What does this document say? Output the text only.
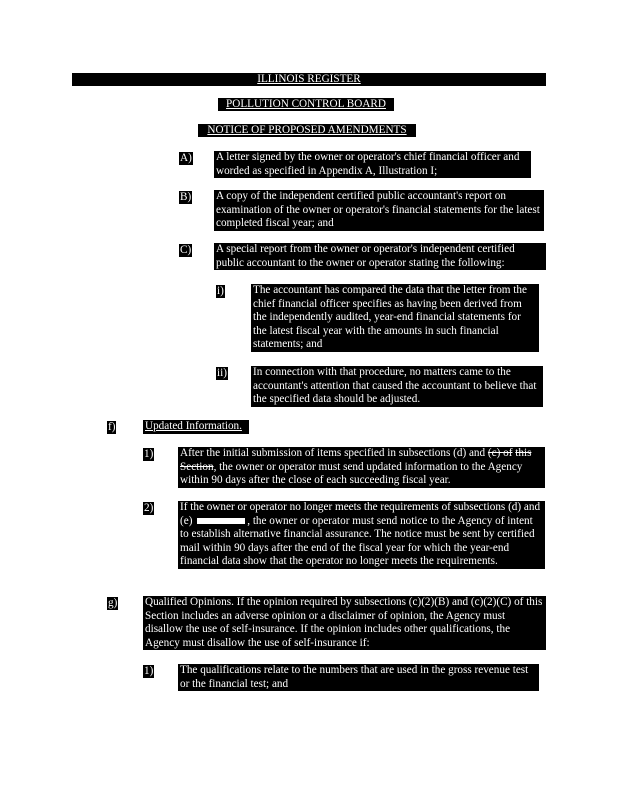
ILLINOIS REGISTER
POLLUTION CONTROL BOARD
NOTICE OF PROPOSED AMENDMENTS
A) A letter signed by the owner or operator's chief financial officer and worded as specified in Appendix A, Illustration I;

B) A copy of the independent certified public accountant's report on examination of the owner or operator's financial statements for the latest completed fiscal year; and

C) A special report from the owner or operator's independent certified public accountant to the owner or operator stating the following:

i)	The accountant has compared the data that the letter from the chief financial officer specifies as having been derived from the independently audited, year-end financial statements for the latest fiscal year with the amounts in such financial statements; and

ii) In connection with that procedure, no matters came to the accountant's attention that caused the accountant to believe that the specified data should be adjusted.

f)	Updated Information.

1) After the initial submission of items specified in subsections (d) and (c) of this Section, the owner or operator must send updated information to the Agency within 90 days after the close of each succeeding fiscal year.

2) If the owner or operator no longer meets the requirements of subsections (d) and (e)	, the owner or operator must send notice to the Agency of intent to establish alternative financial assurance. The notice must be sent by certified mail within 90 days after the end of the fiscal year for which the year-end financial data show that the operator no longer meets the requirements.

g) Qualified Opinions. If the opinion required by subsections (c)(2)(B) and (c)(2)(C) of this Section includes an adverse opinion or a disclaimer of opinion, the Agency must disallow the use of self-insurance. If the opinion includes other qualifications, the Agency must disallow the use of self-insurance if:

1) The qualifications relate to the numbers that are used in the gross revenue test or the financial test; and
